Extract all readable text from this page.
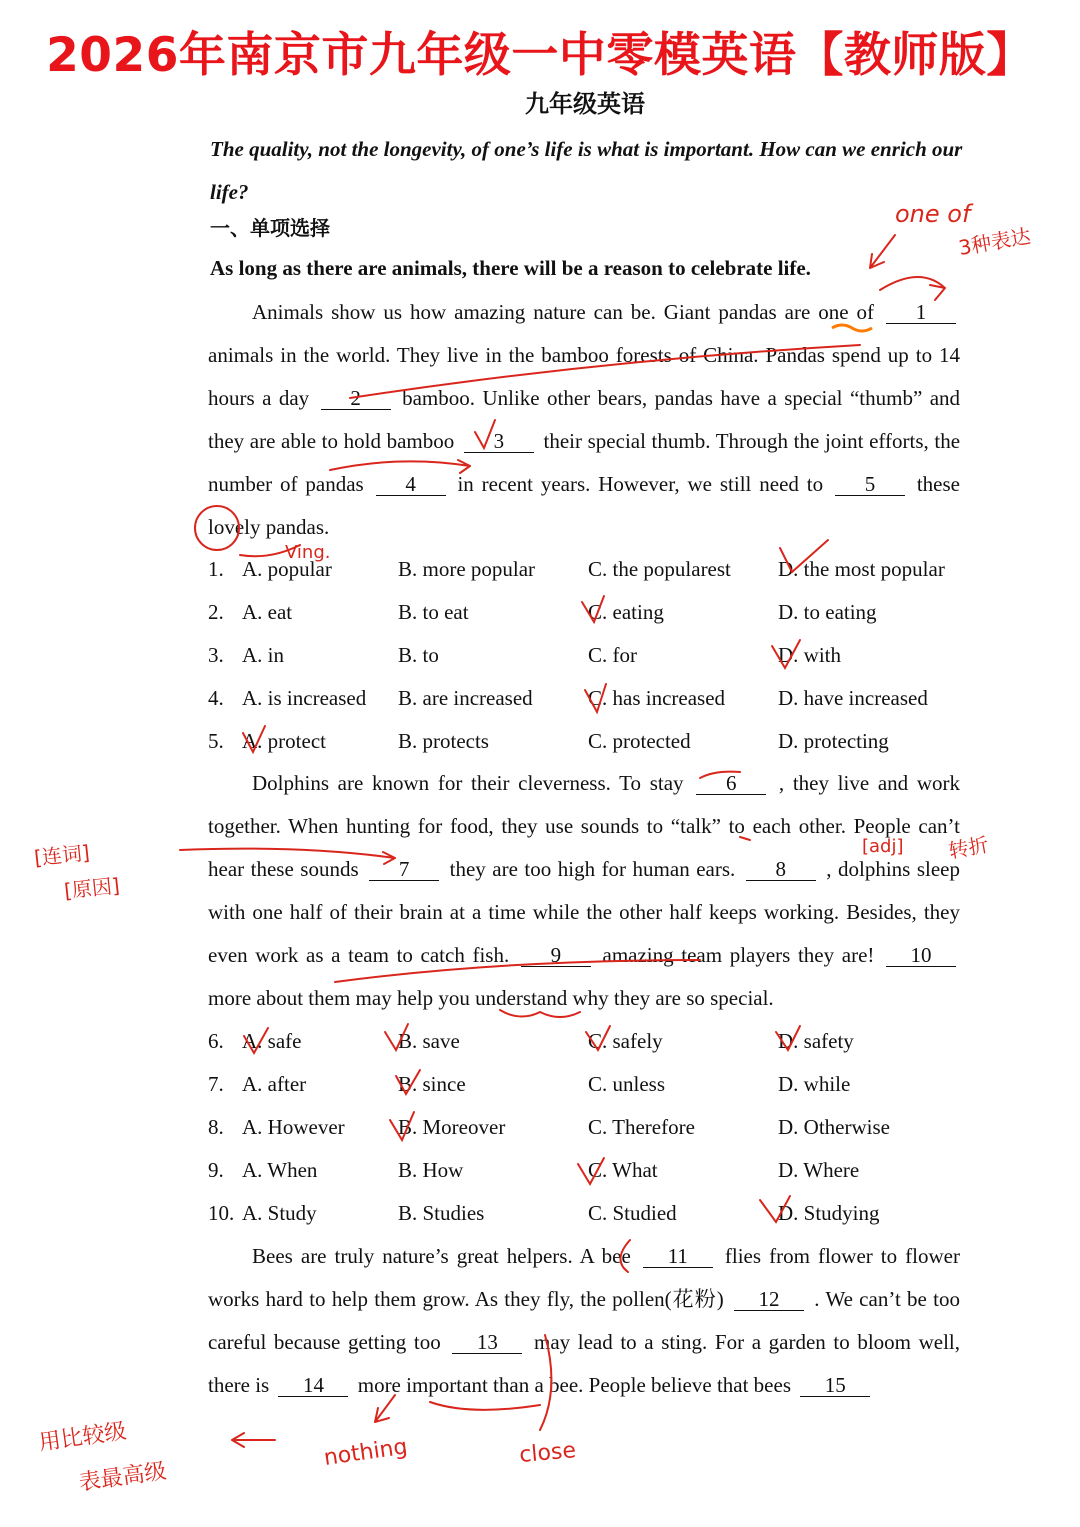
2026年南京市九年级一中零模英语【教师版】
九年级英语
The quality, not the longevity, of one’s life is what is important. How can we enrich our life?
一、单项选择
As long as there are animals, there will be a reason to celebrate life.
Animals show us how amazing nature can be. Giant pandas are one of 1 animals in the world. They live in the bamboo forests of China. Pandas spend up to 14 hours a day 2 bamboo. Unlike other bears, pandas have a special “thumb” and they are able to hold bamboo 3 their special thumb. Through the joint efforts, the number of pandas 4 in recent years. However, we still need to 5 these lovely pandas.
1. A. popular	B. more popular	C. the popularest D. the most popular
2. A. eat	B. to eat	C. eating	D. to eating
3. A. in	B. to	C. for	D. with
4. A. is increased B. are increased	C. has increased	D. have increased
5. A. protect	B. protects	C. protected	D. protecting
Dolphins are known for their cleverness. To stay 6 , they live and work together. When hunting for food, they use sounds to “talk” to each other. People can’t hear these sounds 7 they are too high for human ears. 8 , dolphins sleep with one half of their brain at a time while the other half keeps working. Besides, they even work as a team to catch fish. 9 amazing team players they are! 10 more about them may help you understand why they are so special.
6. A. safe	B. save	C. safely	D. safety
7. A. after	B. since	C. unless	D. while
8. A. However	B. Moreover	C. Therefore	D. Otherwise
9. A. When	B. How	C. What	D. Where
10. A. Study	B. Studies	C. Studied	D. Studying
Bees are truly nature’s great helpers. A bee 11 flies from flower to flower works hard to help them grow. As they fly, the pollen(花粉) 12 . We can’t be too careful because getting too 13 may lead to a sting. For a garden to bloom well, there is 14 more important than a bee. People believe that bees 15
one of
3种表达
Ving.
[连词]
[原因]
[adj] 转折
用比较级
表最高级
nothing	close
